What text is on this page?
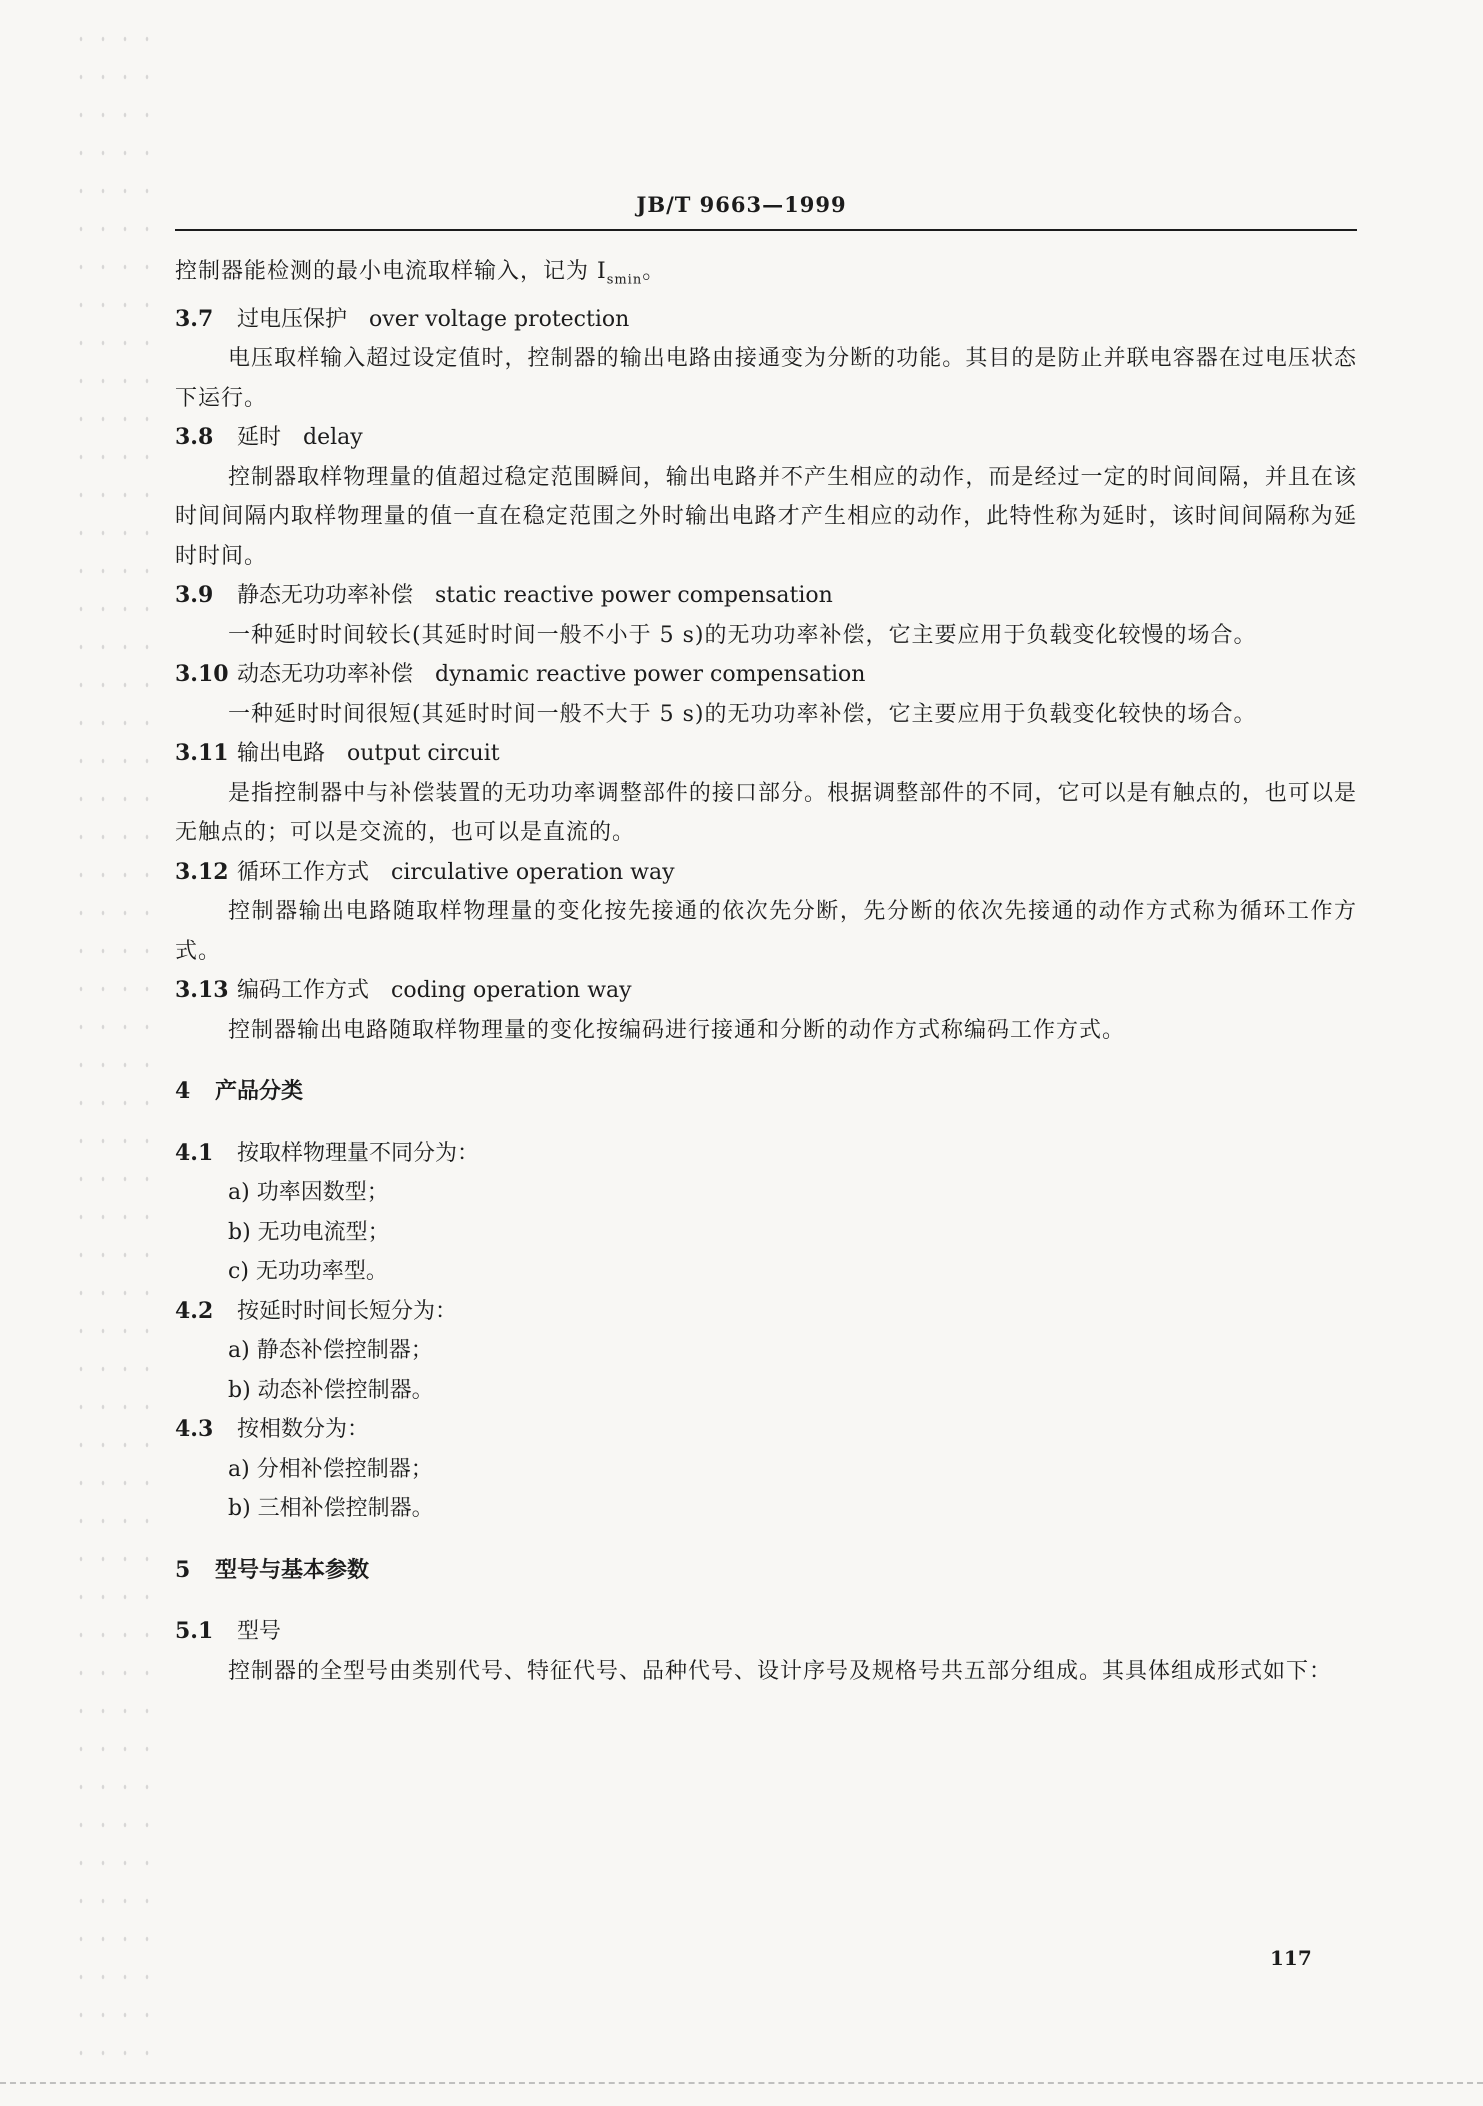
JB/T 9663—1999

控制器能检测的最小电流取样输入，记为 $I_{smin}$。

3.7 过电压保护 over voltage protection

电压取样输入超过设定值时，控制器的输出电路由接通变为分断的功能。其目的是防止并联电容器在过电压状态下运行。

3.8 延时 delay

控制器取样物理量的值超过稳定范围瞬间，输出电路并不产生相应的动作，而是经过一定的时间间隔，并且在该时间间隔内取样物理量的值一直在稳定范围之外时输出电路才产生相应的动作，此特性称为延时，该时间间隔称为延时时间。

3.9 静态无功功率补偿 static reactive power compensation

一种延时时间较长(其延时时间一般不小于 5 s)的无功功率补偿，它主要应用于负载变化较慢的场合。

3.10 动态无功功率补偿 dynamic reactive power compensation

一种延时时间很短(其延时时间一般不大于 5 s)的无功功率补偿，它主要应用于负载变化较快的场合。

3.11 输出电路 output circuit

是指控制器中与补偿装置的无功功率调整部件的接口部分。根据调整部件的不同，它可以是有触点的，也可以是无触点的；可以是交流的，也可以是直流的。

3.12 循环工作方式 circulative operation way

控制器输出电路随取样物理量的变化按先接通的依次先分断，先分断的依次先接通的动作方式称为循环工作方式。

3.13 编码工作方式 coding operation way

控制器输出电路随取样物理量的变化按编码进行接通和分断的动作方式称编码工作方式。

4 产品分类

4.1 按取样物理量不同分为：

a) 功率因数型；

b) 无功电流型；

c) 无功功率型。

4.2 按延时时间长短分为：

a) 静态补偿控制器；

b) 动态补偿控制器。

4.3 按相数分为：

a) 分相补偿控制器；

b) 三相补偿控制器。

5 型号与基本参数

5.1 型号

控制器的全型号由类别代号、特征代号、品种代号、设计序号及规格号共五部分组成。其具体组成形式如下：

117
